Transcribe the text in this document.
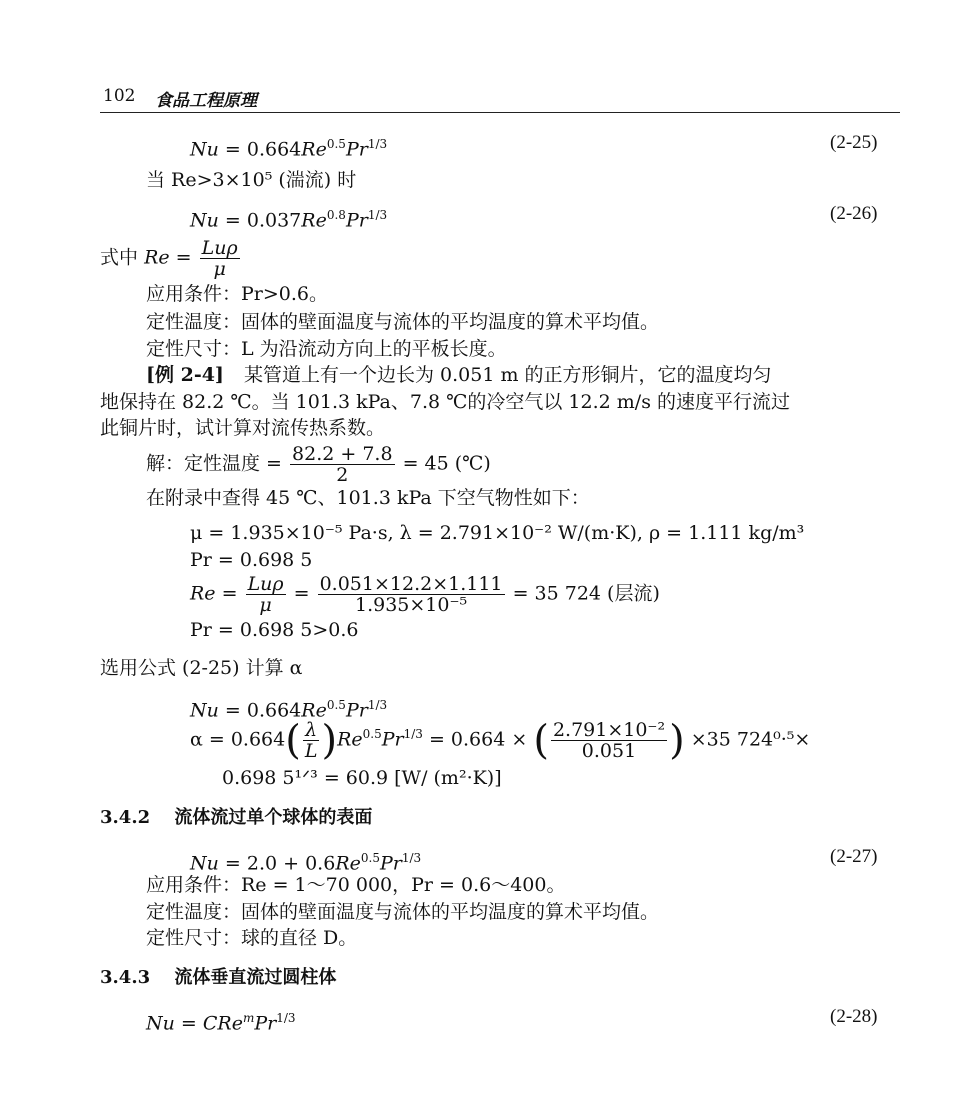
102 食品工程原理
$Nu = 0.664Re^{0.5}Pr^{1/3}$	(2-25)
当 Re>3×10⁵ (湍流) 时
$Nu = 0.037Re^{0.8}Pr^{1/3}$	(2-26)
式中 $Re = \frac{\text{Luρ}}{\mu}$
应用条件：Pr>0.6。
定性温度：固体的壁面温度与流体的平均温度的算术平均值。
定性尺寸：L 为沿流动方向上的平板长度。
[例 2-4] 某管道上有一个边长为 0.051 m 的正方形铜片，它的温度均匀
地保持在 82.2 ℃。当 101.3 kPa、7.8 ℃的冷空气以 12.2 m/s 的速度平行流过
此铜片时，试计算对流传热系数。
解：定性温度 = $\frac{82.2 + 7.8}{2} = 45$ (℃)
在附录中查得 45 ℃、101.3 kPa 下空气物性如下：
μ = 1.935×10⁻⁵ Pa·s, λ = 2.791×10⁻² W/(m·K), ρ = 1.111 kg/m³
Pr = 0.698 5
$Re = \frac{\text{Luρ}}{\mu} = \frac{0.051\times 12.2\times 1.111}{\text{1.935×10⁻⁵}} = 35$ 724 (层流)
Pr = 0.698 5>0.6
选用公式 (2-25) 计算 α
$Nu = 0.664Re^{0.5}Pr^{1/3}$
$\alpha = 0.664( \frac{\lambda}{L} )Re^{0.5}Pr^{1/3} = 0.664$ × ( $\frac{\text{2.791×10⁻²}}{0.051}$ ) ×35 724⁰·⁵×
0.698 5¹ᐟ³ = 60.9 [W/ (m²·K)]
3.4.2 流体流过单个球体的表面
$Nu = 2.0 + 0.6Re^{0.5}Pr^{1/3}$	(2-27)
应用条件：Re = 1～70 000，Pr = 0.6～400。
定性温度：固体的壁面温度与流体的平均温度的算术平均值。
定性尺寸：球的直径 D。
3.4.3 流体垂直流过圆柱体
$Nu = CRe^mPr^{1/3}$	(2-28)
